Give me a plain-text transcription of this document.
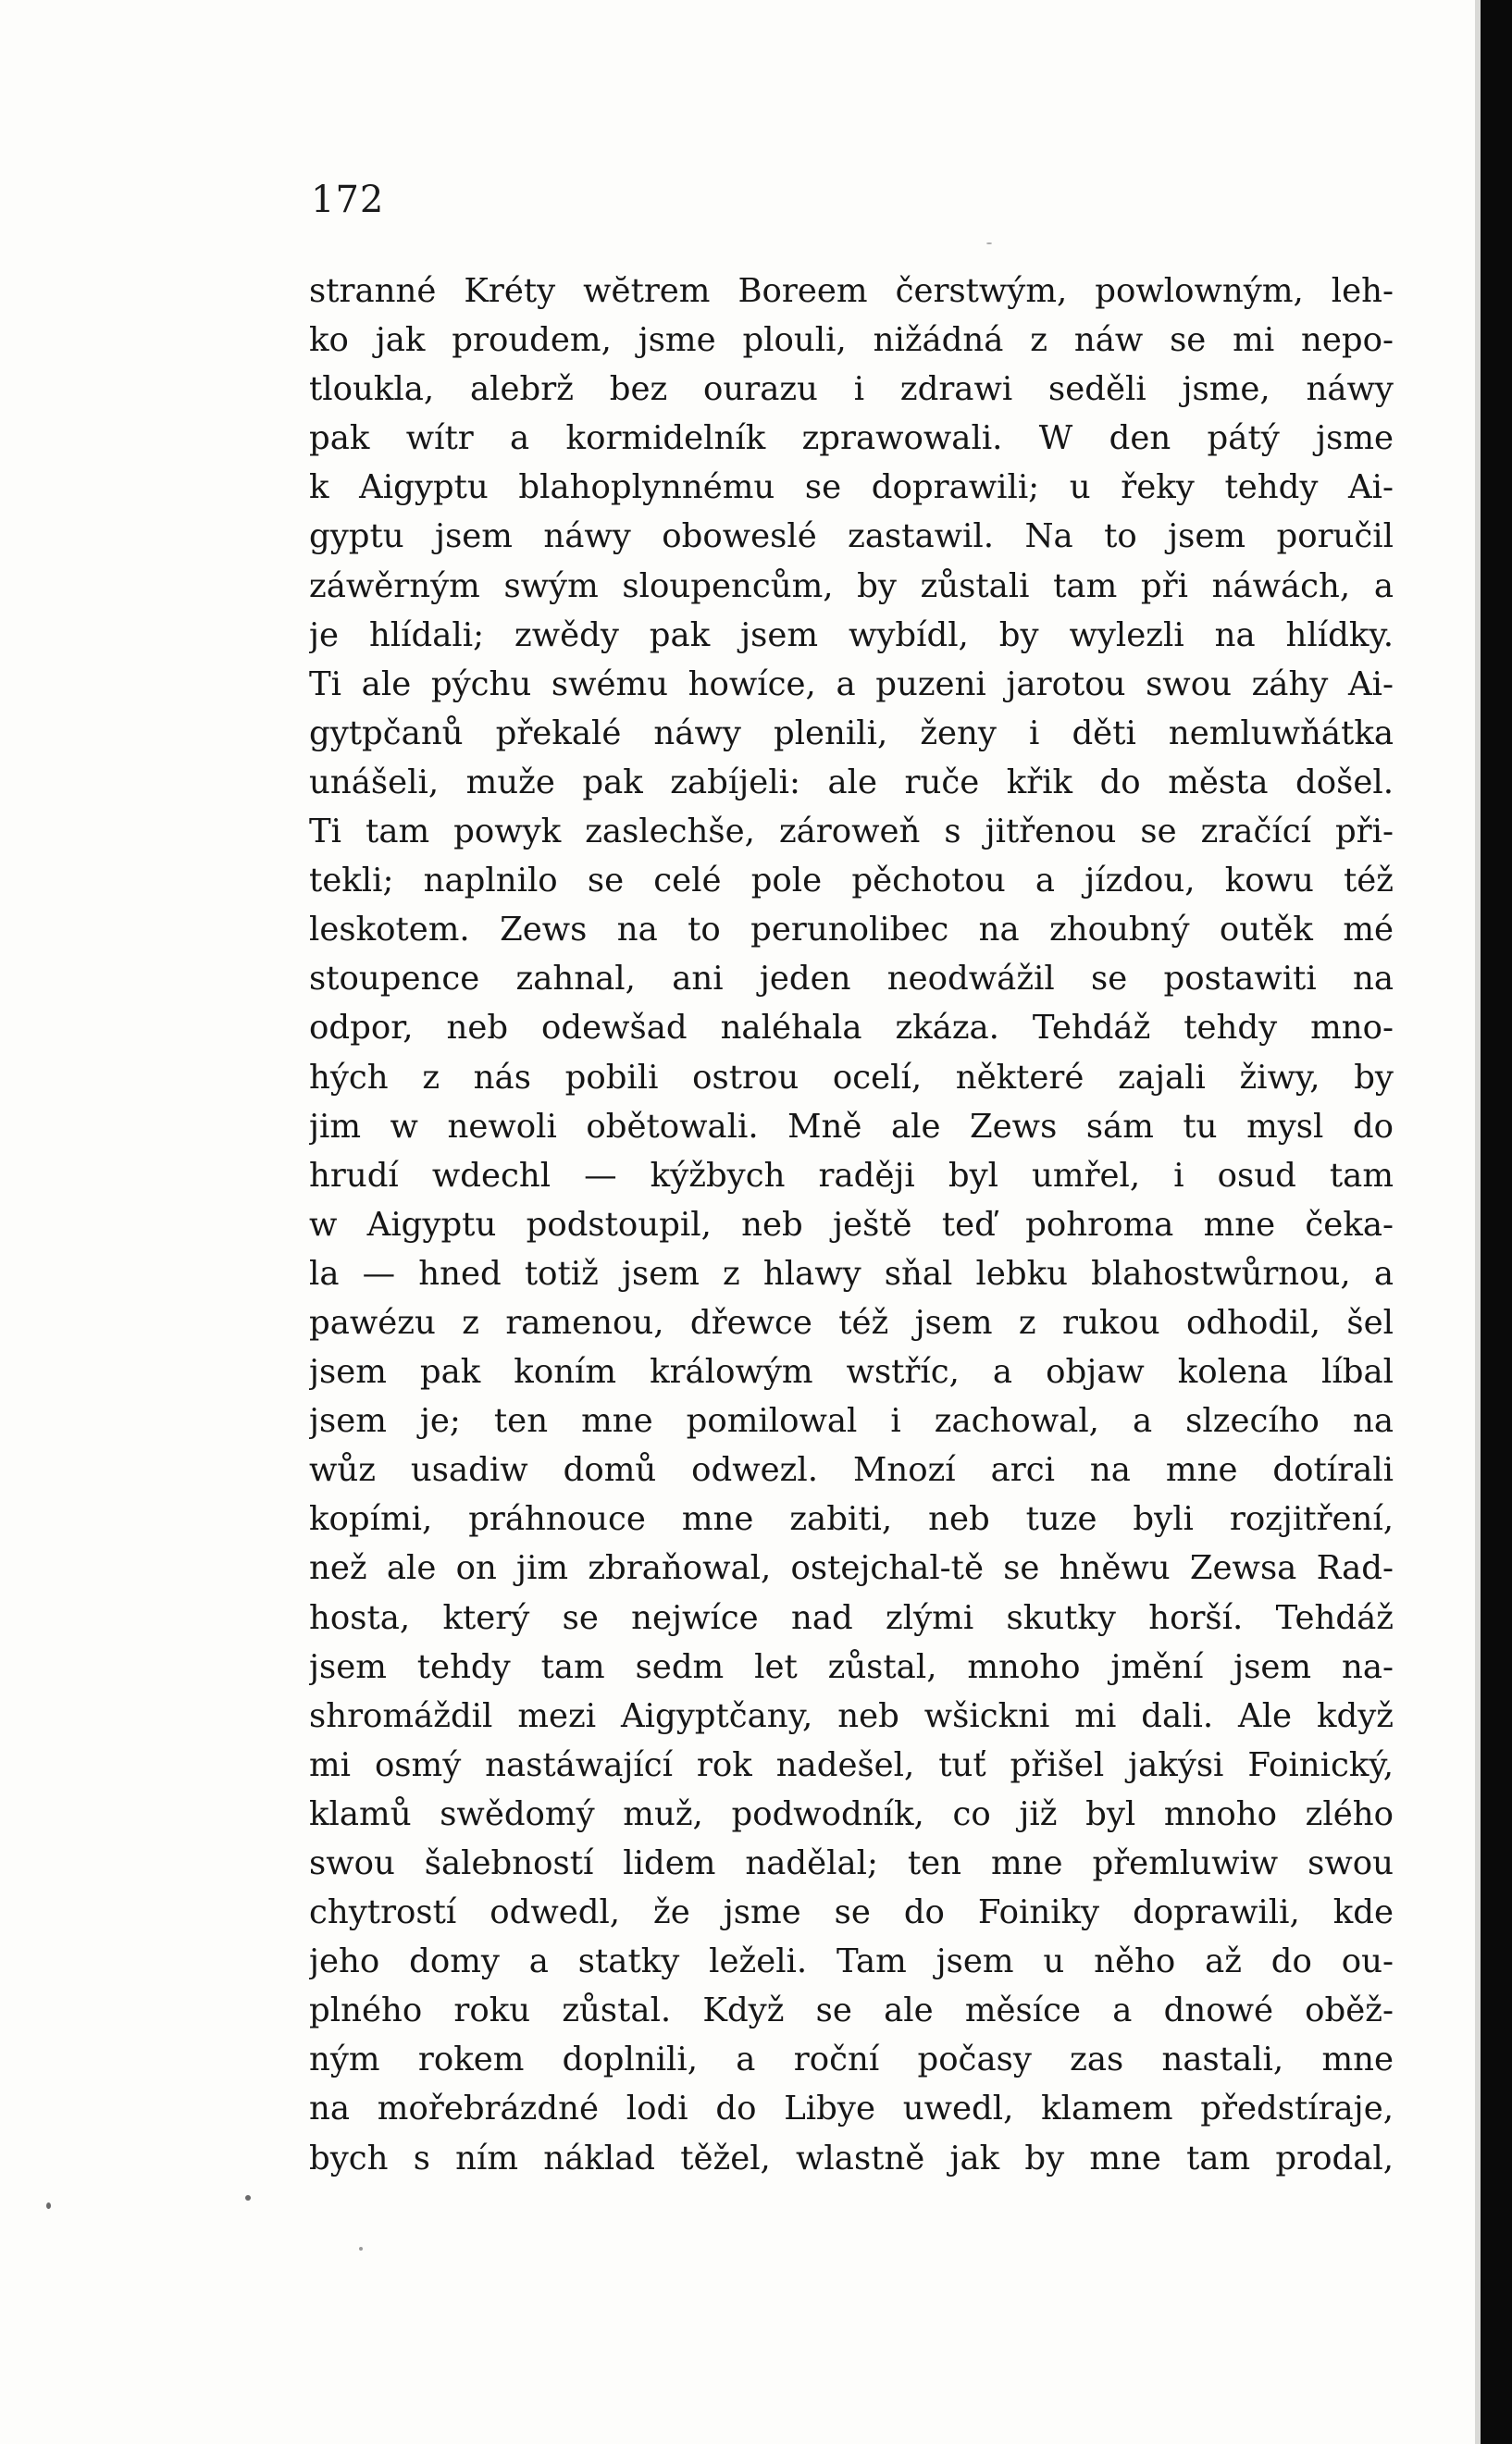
172
stranné Kréty wĕtrem Boreem čerstwým, powlowným, leh-
ko jak proudem, jsme plouli, nižádná z náw se mi nepo-
tloukla, alebrž bez ourazu i zdrawi seděli jsme, náwy
pak wítr a kormidelník zprawowali. W den pátý jsme
k Aigyptu blahoplynnému se doprawili; u řeky tehdy Ai-
gyptu jsem náwy oboweslé zastawil. Na to jsem poručil
záwěrným swým sloupencům, by zůstali tam při náwách, a
je hlídali; zwědy pak jsem wybídl, by wylezli na hlídky.
Ti ale pýchu swému howíce, a puzeni jarotou swou záhy Ai-
gytpčanů překalé náwy plenili, ženy i děti nemluwňátka
unášeli, muže pak zabíjeli: ale ruče křik do města došel.
Ti tam powyk zaslechše, zároweň s jitřenou se zračící při-
tekli; naplnilo se celé pole pěchotou a jízdou, kowu též
leskotem. Zews na to perunolibec na zhoubný outěk mé
stoupence zahnal, ani jeden neodwážil se postawiti na
odpor, neb odewšad naléhala zkáza. Tehdáž tehdy mno-
hých z nás pobili ostrou ocelí, některé zajali žiwy, by
jim w newoli obětowali. Mně ale Zews sám tu mysl do
hrudí wdechl — kýžbych raději byl umřel, i osud tam
w Aigyptu podstoupil, neb ještě teď pohroma mne čeka-
la — hned totiž jsem z hlawy sňal lebku blahostwůrnou, a
pawézu z ramenou, dřewce též jsem z rukou odhodil, šel
jsem pak koním králowým wstříc, a objaw kolena líbal
jsem je; ten mne pomilowal i zachowal, a slzecího na
wůz usadiw domů odwezl. Mnozí arci na mne dotírali
kopími, práhnouce mne zabiti, neb tuze byli rozjitření,
než ale on jim zbraňowal, ostejchal-tě se hněwu Zewsa Rad-
hosta, který se nejwíce nad zlými skutky horší. Tehdáž
jsem tehdy tam sedm let zůstal, mnoho jmění jsem na-
shromáždil mezi Aigyptčany, neb wšickni mi dali. Ale když
mi osmý nastáwající rok nadešel, tuť přišel jakýsi Foinický,
klamů swědomý muž, podwodník, co již byl mnoho zlého
swou šalebností lidem nadělal; ten mne přemluwiw swou
chytrostí odwedl, že jsme se do Foiniky doprawili, kde
jeho domy a statky leželi. Tam jsem u něho až do ou-
plného roku zůstal. Když se ale měsíce a dnowé oběž-
ným rokem doplnili, a roční počasy zas nastali, mne
na mořebrázdné lodi do Libye uwedl, klamem předstíraje,
bych s ním náklad těžel, wlastně jak by mne tam prodal,
